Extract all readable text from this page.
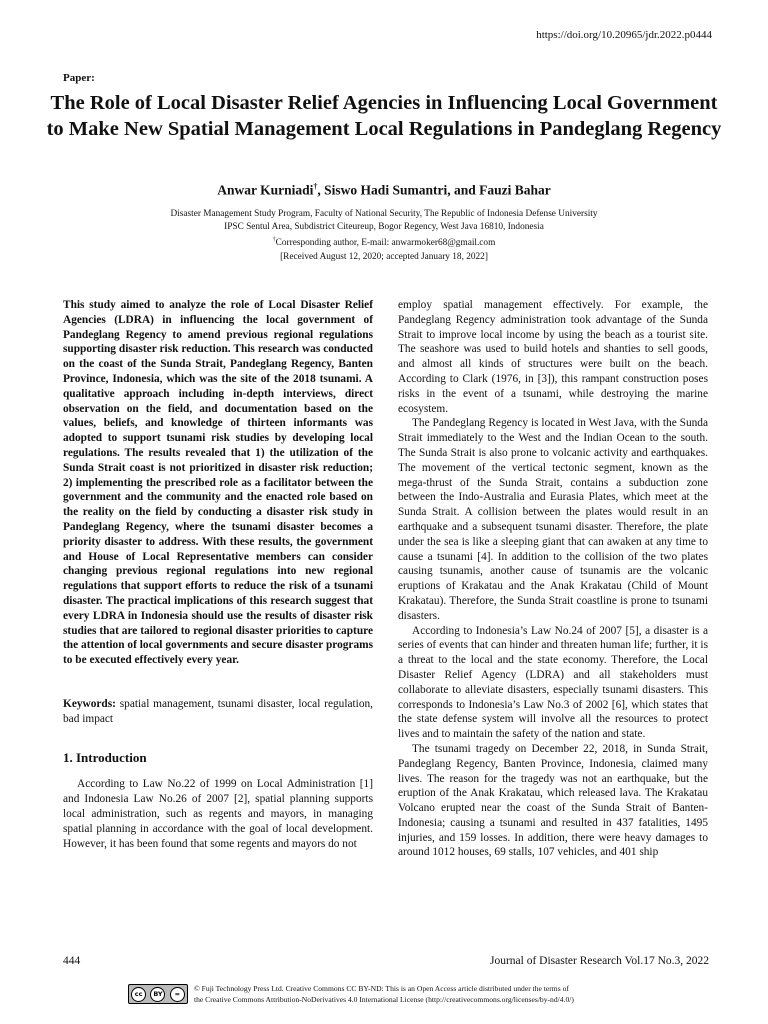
https://doi.org/10.20965/jdr.2022.p0444
Paper:
The Role of Local Disaster Relief Agencies in Influencing Local Government to Make New Spatial Management Local Regulations in Pandeglang Regency
Anwar Kurniadi†, Siswo Hadi Sumantri, and Fauzi Bahar
Disaster Management Study Program, Faculty of National Security, The Republic of Indonesia Defense University
IPSC Sentul Area, Subdistrict Citeureup, Bogor Regency, West Java 16810, Indonesia
†Corresponding author, E-mail: anwarmoker68@gmail.com
[Received August 12, 2020; accepted January 18, 2022]

This study aimed to analyze the role of Local Disaster Relief Agencies (LDRA) in influencing the local government of Pandeglang Regency to amend previous regional regulations supporting disaster risk reduction. This research was conducted on the coast of the Sunda Strait, Pandeglang Regency, Banten Province, Indonesia, which was the site of the 2018 tsunami. A qualitative approach including in-depth interviews, direct observation on the field, and documentation based on the values, beliefs, and knowledge of thirteen informants was adopted to support tsunami risk studies by developing local regulations. The results revealed that 1) the utilization of the Sunda Strait coast is not prioritized in disaster risk reduction; 2) implementing the prescribed role as a facilitator between the government and the community and the enacted role based on the reality on the field by conducting a disaster risk study in Pandeglang Regency, where the tsunami disaster becomes a priority disaster to address. With these results, the government and House of Local Representative members can consider changing previous regional regulations into new regional regulations that support efforts to reduce the risk of a tsunami disaster. The practical implications of this research suggest that every LDRA in Indonesia should use the results of disaster risk studies that are tailored to regional disaster priorities to capture the attention of local governments and secure disaster programs to be executed effectively every year.

Keywords: spatial management, tsunami disaster, local regulation, bad impact

1. Introduction

According to Law No.22 of 1999 on Local Administration [1] and Indonesia Law No.26 of 2007 [2], spatial planning supports local administration, such as regents and mayors, in managing spatial planning in accordance with the goal of local development. However, it has been found that some regents and mayors do not

employ spatial management effectively. For example, the Pandeglang Regency administration took advantage of the Sunda Strait to improve local income by using the beach as a tourist site. The seashore was used to build hotels and shanties to sell goods, and almost all kinds of structures were built on the beach. According to Clark (1976, in [3]), this rampant construction poses risks in the event of a tsunami, while destroying the marine ecosystem.

The Pandeglang Regency is located in West Java, with the Sunda Strait immediately to the West and the Indian Ocean to the south. The Sunda Strait is also prone to volcanic activity and earthquakes. The movement of the vertical tectonic segment, known as the mega-thrust of the Sunda Strait, contains a subduction zone between the Indo-Australia and Eurasia Plates, which meet at the Sunda Strait. A collision between the plates would result in an earthquake and a subsequent tsunami disaster. Therefore, the plate under the sea is like a sleeping giant that can awaken at any time to cause a tsunami [4]. In addition to the collision of the two plates causing tsunamis, another cause of tsunamis are the volcanic eruptions of Krakatau and the Anak Krakatau (Child of Mount Krakatau). Therefore, the Sunda Strait coastline is prone to tsunami disasters.

According to Indonesia’s Law No.24 of 2007 [5], a disaster is a series of events that can hinder and threaten human life; further, it is a threat to the local and the state economy. Therefore, the Local Disaster Relief Agency (LDRA) and all stakeholders must collaborate to alleviate disasters, especially tsunami disasters. This corresponds to Indonesia’s Law No.3 of 2002 [6], which states that the state defense system will involve all the resources to protect lives and to maintain the safety of the nation and state.

The tsunami tragedy on December 22, 2018, in Sunda Strait, Pandeglang Regency, Banten Province, Indonesia, claimed many lives. The reason for the tragedy was not an earthquake, but the eruption of the Anak Krakatau, which released lava. The Krakatau Volcano erupted near the coast of the Sunda Strait of Banten-Indonesia; causing a tsunami and resulted in 437 fatalities, 1495 injuries, and 159 losses. In addition, there were heavy damages to around 1012 houses, 69 stalls, 107 vehicles, and 401 ship

444	Journal of Disaster Research Vol.17 No.3, 2022
cc	BY	=
© Fuji Technology Press Ltd. Creative Commons CC BY-ND: This is an Open Access article distributed under the terms of
the Creative Commons Attribution-NoDerivatives 4.0 International License (http://creativecommons.org/licenses/by-nd/4.0/)
